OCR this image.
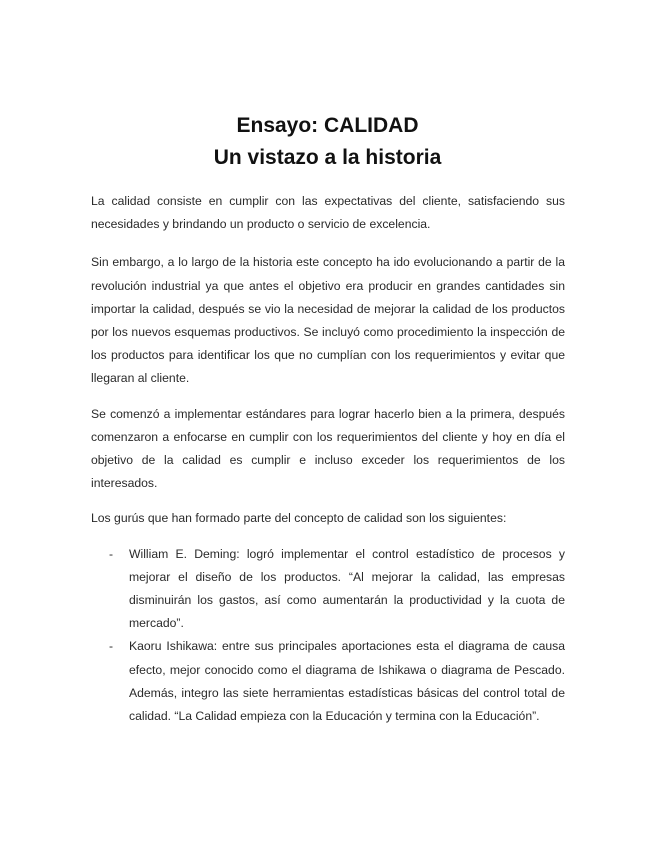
Ensayo: CALIDAD
Un vistazo a la historia

La calidad consiste en cumplir con las expectativas del cliente, satisfaciendo sus necesidades y brindando un producto o servicio de excelencia.

Sin embargo, a lo largo de la historia este concepto ha ido evolucionando a partir de la revolución industrial ya que antes el objetivo era producir en grandes cantidades sin importar la calidad, después se vio la necesidad de mejorar la calidad de los productos por los nuevos esquemas productivos. Se incluyó como procedimiento la inspección de los productos para identificar los que no cumplían con los requerimientos y evitar que llegaran al cliente.

Se comenzó a implementar estándares para lograr hacerlo bien a la primera, después comenzaron a enfocarse en cumplir con los requerimientos del cliente y hoy en día el objetivo de la calidad es cumplir e incluso exceder los requerimientos de los interesados.

Los gurús que han formado parte del concepto de calidad son los siguientes:

- William E. Deming: logró implementar el control estadístico de procesos y mejorar el diseño de los productos. “Al mejorar la calidad, las empresas disminuirán los gastos, así como aumentarán la productividad y la cuota de mercado”.
- Kaoru Ishikawa: entre sus principales aportaciones esta el diagrama de causa efecto, mejor conocido como el diagrama de Ishikawa o diagrama de Pescado. Además, integro las siete herramientas estadísticas básicas del control total de calidad. “La Calidad empieza con la Educación y termina con la Educación”.
